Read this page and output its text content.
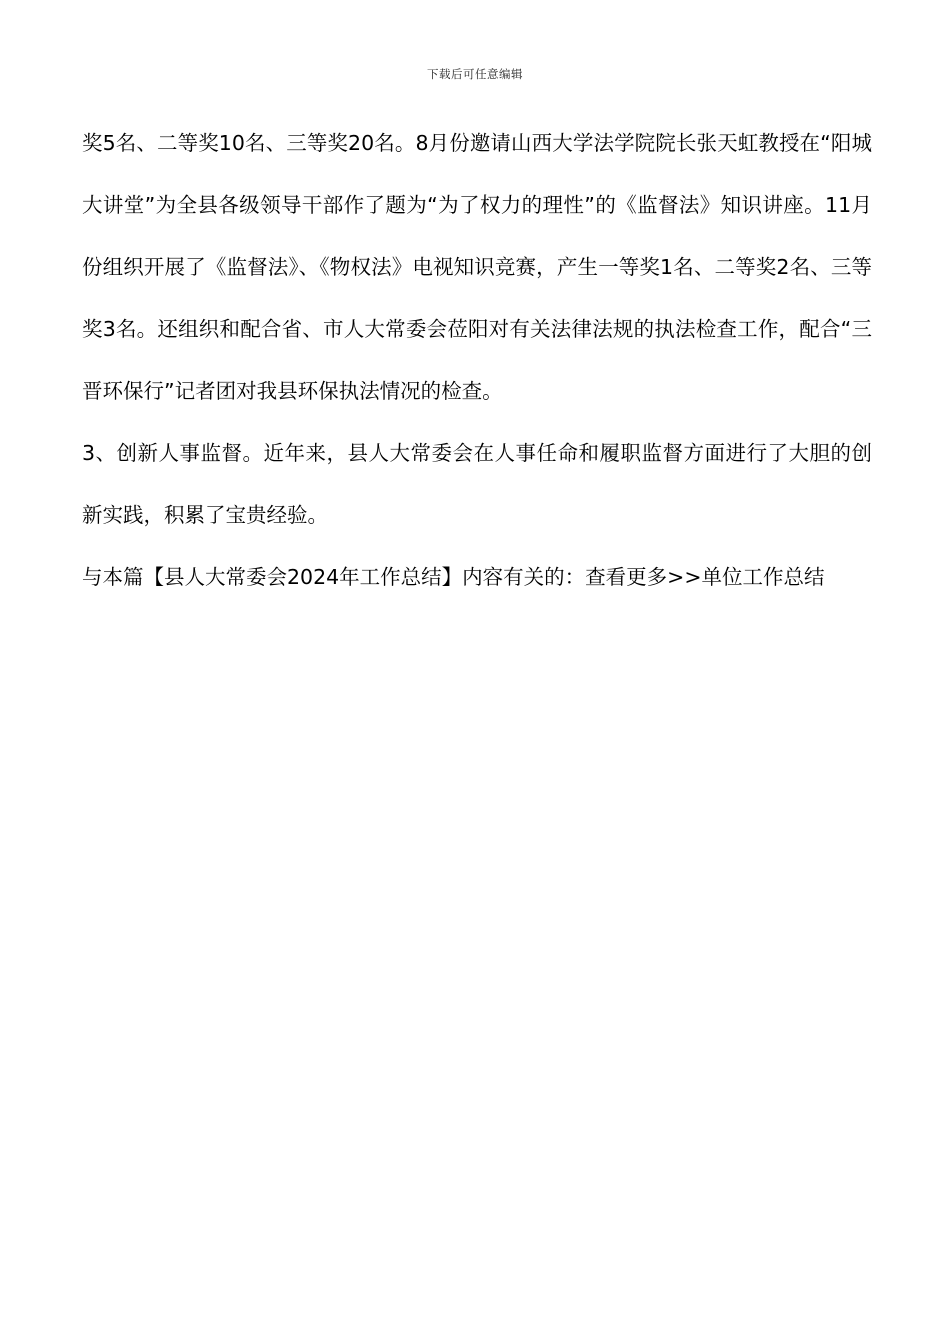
下载后可任意编辑

奖5名、二等奖10名、三等奖20名。8月份邀请山西大学法学院院长张天虹教授在“阳城大讲堂”为全县各级领导干部作了题为“为了权力的理性”的《监督法》知识讲座。11月份组织开展了《监督法》、《物权法》电视知识竞赛，产生一等奖1名、二等奖2名、三等奖3名。还组织和配合省、市人大常委会莅阳对有关法律法规的执法检查工作，配合“三晋环保行”记者团对我县环保执法情况的检查。

3、创新人事监督。近年来，县人大常委会在人事任命和履职监督方面进行了大胆的创新实践，积累了宝贵经验。

与本篇【县人大常委会2024年工作总结】内容有关的：查看更多>>单位工作总结
